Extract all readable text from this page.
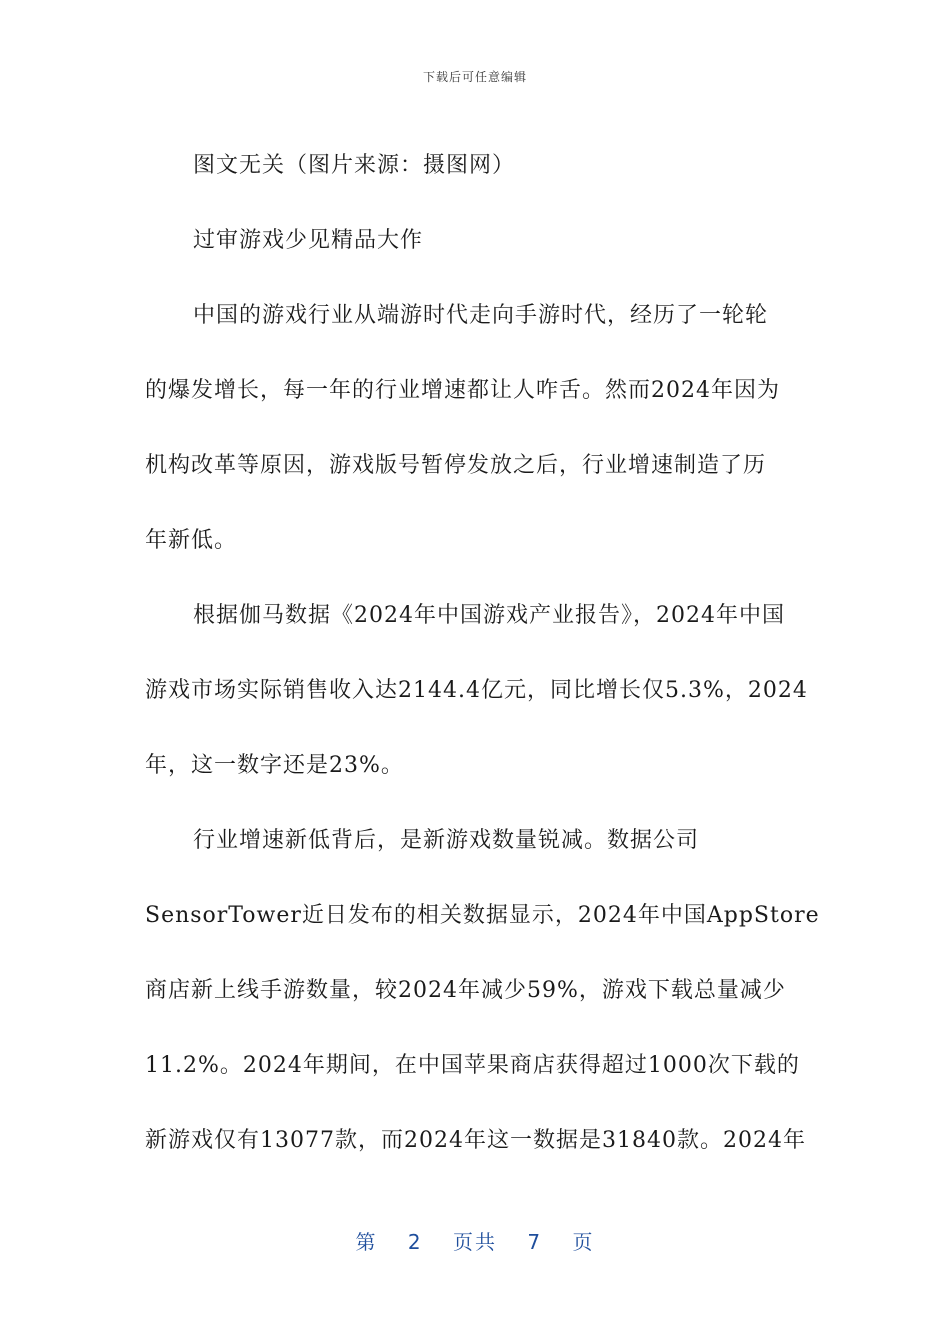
下载后可任意编辑

图文无关（图片来源：摄图网）

过审游戏少见精品大作

中国的游戏行业从端游时代走向手游时代，经历了一轮轮
的爆发增长，每一年的行业增速都让人咋舌。然而2024年因为
机构改革等原因，游戏版号暂停发放之后，行业增速制造了历
年新低。

根据伽马数据《2024年中国游戏产业报告》，2024年中国
游戏市场实际销售收入达2144.4亿元，同比增长仅5.3%，2024
年，这一数字还是23%。

行业增速新低背后，是新游戏数量锐减。数据公司
SensorTower近日发布的相关数据显示，2024年中国AppStore
商店新上线手游数量，较2024年减少59%，游戏下载总量减少
11.2%。2024年期间，在中国苹果商店获得超过1000次下载的
新游戏仅有13077款，而2024年这一数据是31840款。2024年

第 2 页共 7 页
